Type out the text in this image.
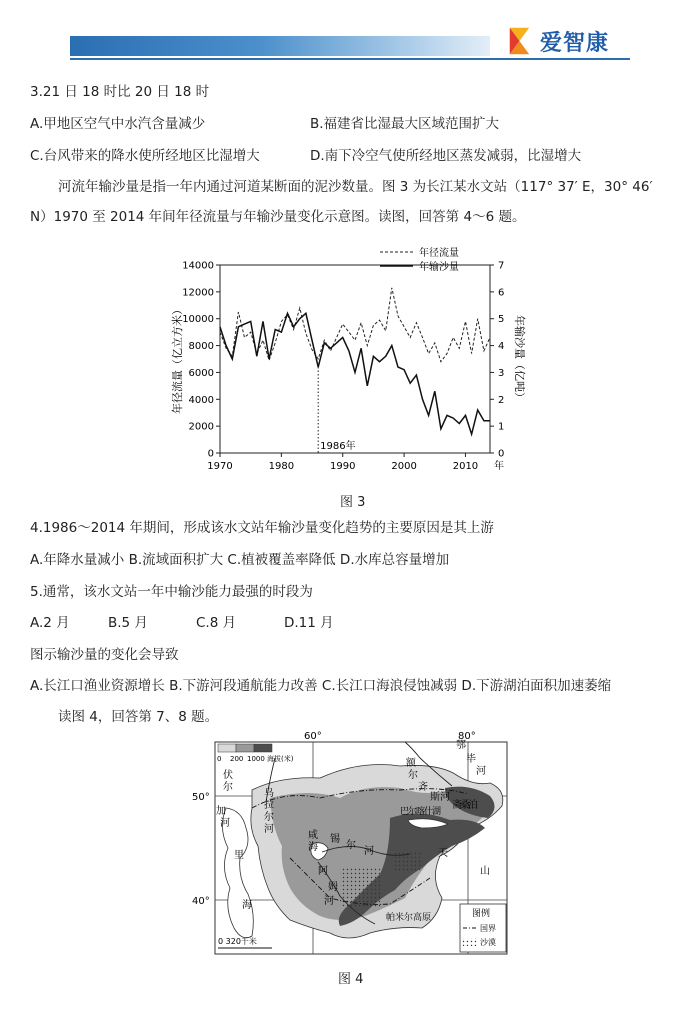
爱智康
3.21 日 18 时比 20 日 18 时
A.甲地区空气中水汽含量减少	B.福建省比湿最大区域范围扩大
C.台风带来的降水使所经地区比湿增大	D.南下冷空气使所经地区蒸发减弱，比湿增大
河流年输沙量是指一年内通过河道某断面的泥沙数量。图 3 为长江某水文站（117° 37′ E，30° 46′
N）1970 至 2014 年间年径流量与年输沙量变化示意图。读图，回答第 4～6 题。
0
2000
4000
6000
8000
10000
12000
14000
0
1
2
3
4
5
6
7
1970	1980	1990	2000	2010 年
年径流量（亿立方米）	年输沙量（亿吨）
1986年
年径流量
年输沙量
图 3
4.1986～2014 年期间，形成该水文站年输沙量变化趋势的主要原因是其上游
A.年降水量减小 B.流域面积扩大 C.植被覆盖率降低 D.水库总容量增加
5.通常，该水文站一年中输沙能力最强的时段为
A.2 月	B.5 月	C.8 月	D.11 月
图示输沙量的变化会导致
A.长江口渔业资源增长 B.下游河段通航能力改善 C.长江口海浪侵蚀减弱 D.下游湖泊面积加速萎缩
读图 4，回答第 7、8 题。
0 200 1000 海拔(米)
60°	80°
50°
40°
伏尔加河
里海
乌拉尔河
咸海
锡尔河
阿姆河
帕米尔高原
额尔齐斯河
鄂毕河
斋桑泊
巴尔喀什湖
天山
0 320千米
图例
国界
沙漠
图 4
